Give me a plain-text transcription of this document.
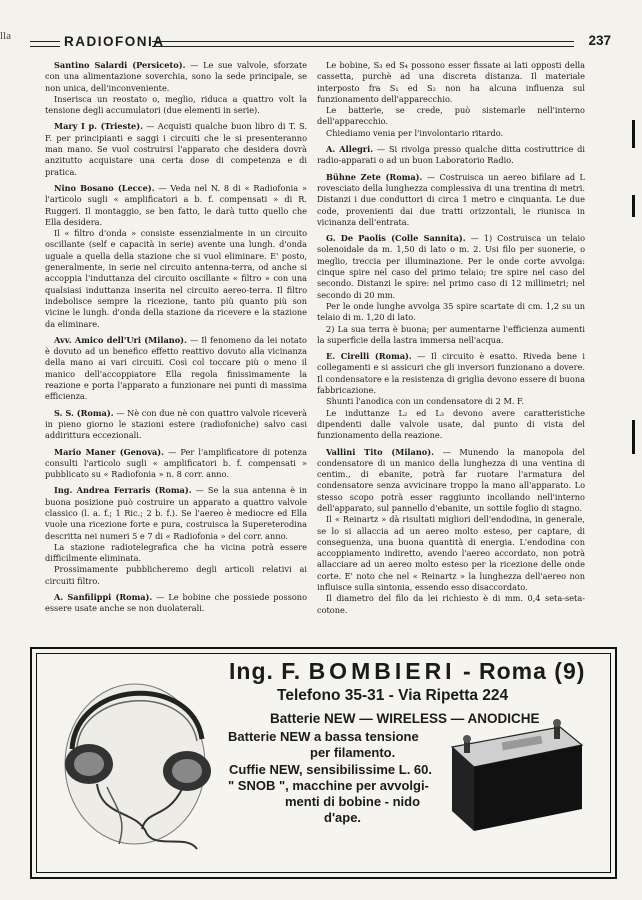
lla	RADIOFONIA	237

Santino Salardi (Persiceto). — Le sue valvole, sforzate con una alimentazione soverchia, sono la sede principale, se non unica, dell'inconveniente.

Inserisca un reostato o, meglio, riduca a quattro volt la tensione degli accumulatori (due elementi in serie).

Mary I p. (Trieste). — Acquisti qualche buon libro di T. S. F. per principianti e saggi i circuiti che le si presenteranno man mano. Se vuol costruirsi l'apparato che desidera dovrà anzitutto acquistare una certa dose di competenza e di pratica.

Nino Bosano (Lecce). — Veda nel N. 8 di « Radiofonia » l'articolo sugli « amplificatori a b. f. compensati » di R. Ruggeri. Il montaggio, se ben fatto, le darà tutto quello che Ella desidera.

Il « filtro d'onda » consiste essenzialmente in un circuito oscillante (self e capacità in serie) avente una lungh. d'onda uguale a quella della stazione che si vuol eliminare. E' posto, generalmente, in serie nel circuito antenna-terra, od anche si accoppia l'induttanza del circuito oscillante « filtro » con una qualsiasi induttanza inserita nel circuito aereo-terra. Il filtro indebolisce sempre la ricezione, tanto più quanto più son vicine le lungh. d'onda della stazione da ricevere e la stazione da eliminare.

Avv. Amico dell'Uri (Milano). — Il fenomeno da lei notato è dovuto ad un benefico effetto reattivo dovuto alla vicinanza della mano ai vari circuiti. Così col toccare più o meno il manico dell'accoppiatore Ella regola finissimamente la reazione e porta l'apparato a funzionare nei punti di massima efficienza.

S. S. (Roma). — Nè con due nè con quattro valvole riceverà in pieno giorno le stazioni estere (radiofoniche) salvo casi addirittura eccezionali.

Mario Maner (Genova). — Per l'amplificatore di potenza consulti l'articolo sugli « amplificatori b. f. compensati » pubblicato su « Radiofonia » n. 8 corr. anno.

Ing. Andrea Ferraris (Roma). — Se la sua antenna è in buona posizione può costruire un apparato a quattro valvole classico (l. a. f.; 1 Ric.; 2 b. f.). Se l'aereo è mediocre ed Ella vuole una ricezione forte e pura, costruisca la Supereterodina descritta nei numeri 5 e 7 di « Radiofonia » del corr. anno.

La stazione radiotelegrafica che ha vicina potrà essere difficilmente eliminata.

Prossimamente pubblicheremo degli articoli relativi ai circuiti filtro.

A. Sanfilippi (Roma). — Le bobine che possiede possono essere usate anche se non duolaterali.

Le bobine, S₃ ed S₄ possono esser fissate ai lati opposti della cassetta, purchè ad una discreta distanza. Il materiale interposto fra S₁ ed S₂ non ha alcuna influenza sul funzionamento dell'apparecchio.

Le batterie, se crede, può sistemarle nell'interno dell'apparecchio.

Chiediamo venia per l'involontario ritardo.

A. Allegri. — Si rivolga presso qualche ditta costruttrice di radio-apparati o ad un buon Laboratorio Radio.

Bühne Zete (Roma). — Costruisca un aereo bifilare ad L rovesciato della lunghezza complessiva di una trentina di metri. Distanzi i due conduttori di circa 1 metro e cinquanta. Le due code, provenienti dai due tratti orizzontali, le riunisca in vicinanza dell'entrata.

G. De Paolis (Colle Sannita). — 1) Costruisca un telaio solenoidale da m. 1,50 di lato o m. 2. Usi filo per suonerie, o meglio, treccia per illuminazione. Per le onde corte avvolga: cinque spire nel caso del primo telaio; tre spire nel caso del secondo. Distanzi le spire: nel primo caso di 12 millimetri; nel secondo di 20 mm.

Per le onde lunghe avvolga 35 spire scartate di cm. 1,2 su un telaio di m. 1,20 di lato.

2) La sua terra è buona; per aumentarne l'efficienza aumenti la superficie della lastra immersa nell'acqua.

E. Cirelli (Roma). — Il circuito è esatto. Riveda bene i collegamenti e si assicuri che gli inversori funzionano a dovere. Il condensatore e la resistenza di griglia devono essere di buona fabbricazione.

Shunti l'anodica con un condensatore di 2 M. F.

Le induttanze L₂ ed L₃ devono avere caratteristiche dipendenti dalle valvole usate, dal punto di vista del funzionamento della reazione.

Vallini Tito (Milano). — Munendo la manopola del condensatore di un manico della lunghezza di una ventina di centim., di ebanite, potrà far ruotare l'armatura del condensatore senza avvicinare troppo la mano all'apparato. Lo stesso scopo potrà esser raggiunto incollando nell'interno dell'apparato, sul pannello d'ebanite, un sottile foglio di stagno.

Il « Reinartz » dà risultati migliori dell'endodina, in generale, se lo si allaccia ad un aereo molto esteso, per captare, di conseguenza, una buona quantità di energia. L'endodina con accoppiamento indiretto, avendo l'aereo accordato, non potrà allacciare ad un aereo molto esteso per la ricezione delle onde corte. E' noto che nel « Reinartz » la lunghezza dell'aereo non influisce sulla sintonia, essendo esso disaccordato.

Il diametro del filo da lei richiesto è di mm. 0,4 seta-seta-cotone.

Ing. F. BOMBIERI - Roma (9)
Telefono 35-31 - Via Ripetta 224
Batterie NEW — WIRELESS — ANODICHE
Batterie NEW a bassa tensione
per filamento.
Cuffie NEW, sensibilissime L. 60.
" SNOB ", macchine per avvolgi-
menti di bobine - nido
d'ape.
